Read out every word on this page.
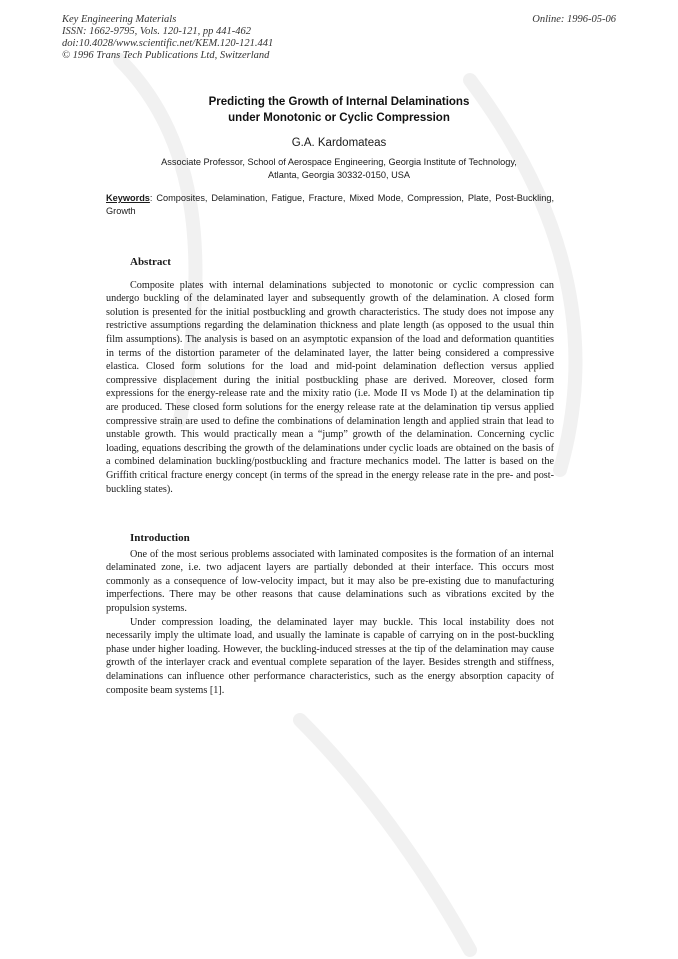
Key Engineering Materials
ISSN: 1662-9795, Vols. 120-121, pp 441-462
doi:10.4028/www.scientific.net/KEM.120-121.441
© 1996 Trans Tech Publications Ltd, Switzerland
Online: 1996-05-06
Predicting the Growth of Internal Delaminations
under Monotonic or Cyclic Compression
G.A. Kardomateas
Associate Professor, School of Aerospace Engineering, Georgia Institute of Technology,
Atlanta, Georgia 30332-0150, USA
Keywords: Composites, Delamination, Fatigue, Fracture, Mixed Mode, Compression, Plate, Post-Buckling, Growth
Abstract

Composite plates with internal delaminations subjected to monotonic or cyclic compression can undergo buckling of the delaminated layer and subsequently growth of the delamination. A closed form solution is presented for the initial postbuckling and growth characteristics. The study does not impose any restrictive assumptions regarding the delamination thickness and plate length (as opposed to the usual thin film assumptions). The analysis is based on an asymptotic expansion of the load and deformation quantities in terms of the distortion parameter of the delaminated layer, the latter being considered a compressive elastica. Closed form solutions for the load and mid-point delamination deflection versus applied compressive displacement during the initial postbuckling phase are derived. Moreover, closed form expressions for the energy-release rate and the mixity ratio (i.e. Mode II vs Mode I) at the delamination tip are produced. These closed form solutions for the energy release rate at the delamination tip versus applied compressive strain are used to define the combinations of delamination length and applied strain that lead to unstable growth. This would practically mean a “jump” growth of the delamination. Concerning cyclic loading, equations describing the growth of the delaminations under cyclic loads are obtained on the basis of a combined delamination buckling/postbuckling and fracture mechanics model. The latter is based on the Griffith critical fracture energy concept (in terms of the spread in the energy release rate in the pre- and post- buckling states).

Introduction

One of the most serious problems associated with laminated composites is the formation of an internal delaminated zone, i.e. two adjacent layers are partially debonded at their interface. This occurs most commonly as a consequence of low-velocity impact, but it may also be pre-existing due to manufacturing imperfections. There may be other reasons that cause delaminations such as vibrations excited by the propulsion systems.

Under compression loading, the delaminated layer may buckle. This local instability does not necessarily imply the ultimate load, and usually the laminate is capable of carrying on in the post-buckling phase under higher loading. However, the buckling-induced stresses at the tip of the delamination may cause growth of the interlayer crack and eventual complete separation of the layer. Besides strength and stiffness, delaminations can influence other performance characteristics, such as the energy absorption capacity of composite beam systems [1].
